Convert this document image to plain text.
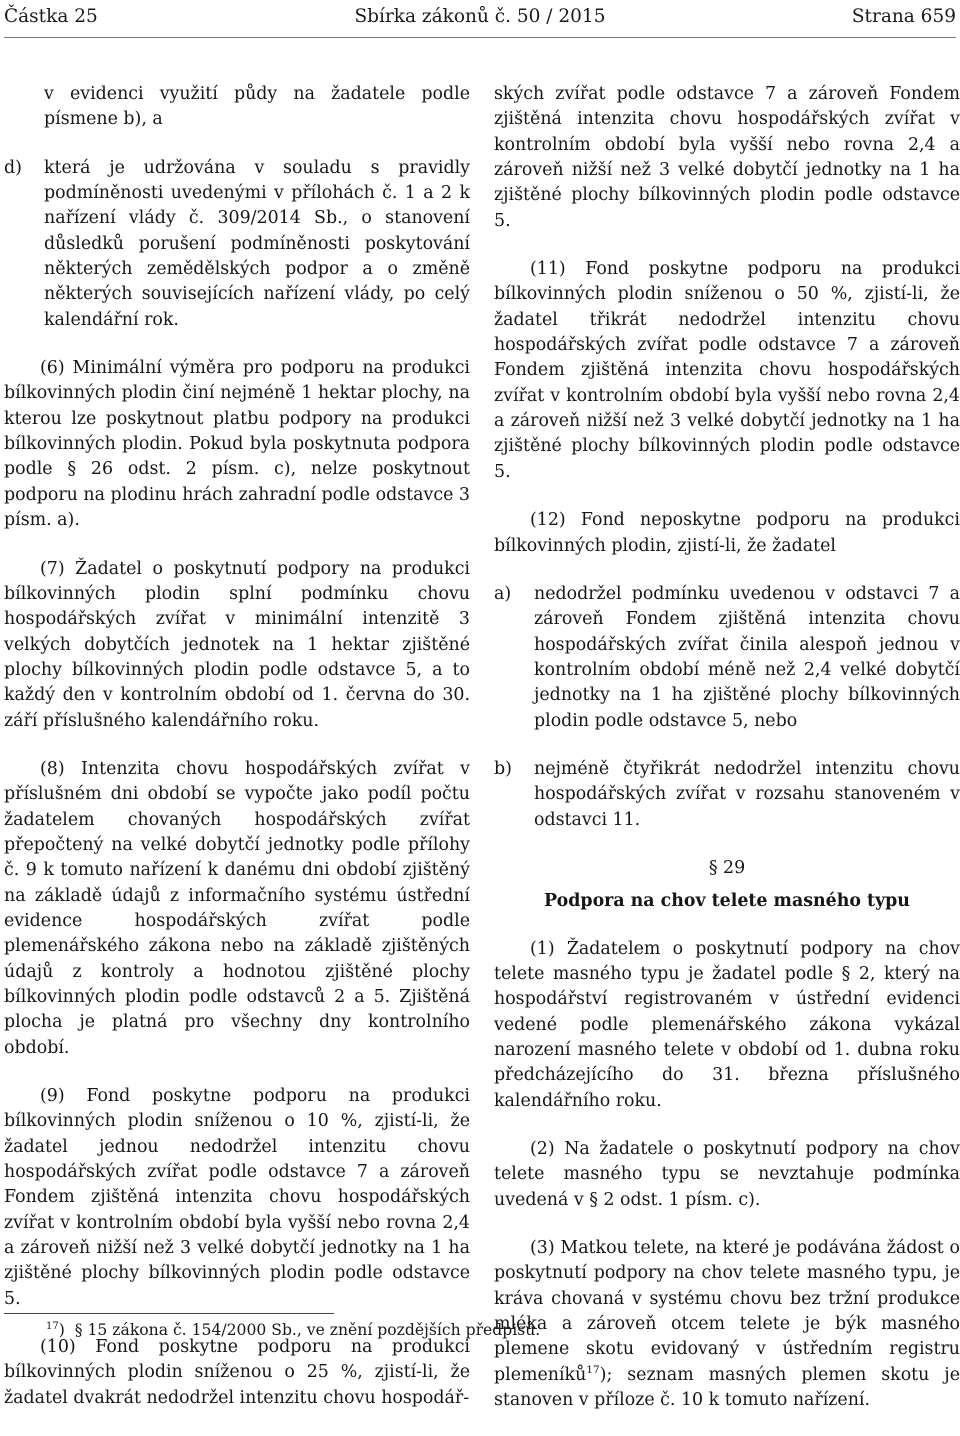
Částka 25	Sbírka zákonů č. 50 / 2015	Strana 659

v evidenci využití půdy na žadatele podle písmene b), a

d)	která je udržována v souladu s pravidly podmíněnosti uvedenými v přílohách č. 1 a 2 k nařízení vlády č. 309/2014 Sb., o stanovení důsledků porušení podmíněnosti poskytování některých zemědělských podpor a o změně některých souvisejících nařízení vlády, po celý kalendářní rok.

(6) Minimální výměra pro podporu na produkci bílkovinných plodin činí nejméně 1 hektar plochy, na kterou lze poskytnout platbu podpory na produkci bílkovinných plodin. Pokud byla poskytnuta podpora podle § 26 odst. 2 písm. c), nelze poskytnout podporu na plodinu hrách zahradní podle odstavce 3 písm. a).

(7) Žadatel o poskytnutí podpory na produkci bílkovinných plodin splní podmínku chovu hospodářských zvířat v minimální intenzitě 3 velkých dobytčích jednotek na 1 hektar zjištěné plochy bílkovinných plodin podle odstavce 5, a to každý den v kontrolním období od 1. června do 30. září příslušného kalendářního roku.

(8) Intenzita chovu hospodářských zvířat v příslušném dni období se vypočte jako podíl počtu žadatelem chovaných hospodářských zvířat přepočtený na velké dobytčí jednotky podle přílohy č. 9 k tomuto nařízení k danému dni období zjištěný na základě údajů z informačního systému ústřední evidence hospodářských zvířat podle plemenářského zákona nebo na základě zjištěných údajů z kontroly a hodnotou zjištěné plochy bílkovinných plodin podle odstavců 2 a 5. Zjištěná plocha je platná pro všechny dny kontrolního období.

(9) Fond poskytne podporu na produkci bílkovinných plodin sníženou o 10 %, zjistí-li, že žadatel jednou nedodržel intenzitu chovu hospodářských zvířat podle odstavce 7 a zároveň Fondem zjištěná intenzita chovu hospodářských zvířat v kontrolním období byla vyšší nebo rovna 2,4 a zároveň nižší než 3 velké dobytčí jednotky na 1 ha zjištěné plochy bílkovinných plodin podle odstavce 5.

(10) Fond poskytne podporu na produkci bílkovinných plodin sníženou o 25 %, zjistí-li, že žadatel dvakrát nedodržel intenzitu chovu hospodář-

ských zvířat podle odstavce 7 a zároveň Fondem zjištěná intenzita chovu hospodářských zvířat v kontrolním období byla vyšší nebo rovna 2,4 a zároveň nižší než 3 velké dobytčí jednotky na 1 ha zjištěné plochy bílkovinných plodin podle odstavce 5.

(11) Fond poskytne podporu na produkci bílkovinných plodin sníženou o 50 %, zjistí-li, že žadatel třikrát nedodržel intenzitu chovu hospodářských zvířat podle odstavce 7 a zároveň Fondem zjištěná intenzita chovu hospodářských zvířat v kontrolním období byla vyšší nebo rovna 2,4 a zároveň nižší než 3 velké dobytčí jednotky na 1 ha zjištěné plochy bílkovinných plodin podle odstavce 5.

(12) Fond neposkytne podporu na produkci bílkovinných plodin, zjistí-li, že žadatel

a)	nedodržel podmínku uvedenou v odstavci 7 a zároveň Fondem zjištěná intenzita chovu hospodářských zvířat činila alespoň jednou v kontrolním období méně než 2,4 velké dobytčí jednotky na 1 ha zjištěné plochy bílkovinných plodin podle odstavce 5, nebo
b)	nejméně čtyřikrát nedodržel intenzitu chovu hospodářských zvířat v rozsahu stanoveném v odstavci 11.
§ 29
Podpora na chov telete masného typu

(1) Žadatelem o poskytnutí podpory na chov telete masného typu je žadatel podle § 2, který na hospodářství registrovaném v ústřední evidenci vedené podle plemenářského zákona vykázal narození masného telete v období od 1. dubna roku předcházejícího do 31. března příslušného kalendářního roku.

(2) Na žadatele o poskytnutí podpory na chov telete masného typu se nevztahuje podmínka uvedená v § 2 odst. 1 písm. c).

(3) Matkou telete, na které je podávána žádost o poskytnutí podpory na chov telete masného typu, je kráva chovaná v systému chovu bez tržní produkce mléka a zároveň otcem telete je býk masného plemene skotu evidovaný v ústředním registru plemeníků$^{17}$); seznam masných plemen skotu je stanoven v příloze č. 10 k tomuto nařízení.

$^{17}$) § 15 zákona č. 154/2000 Sb., ve znění pozdějších předpisů.
